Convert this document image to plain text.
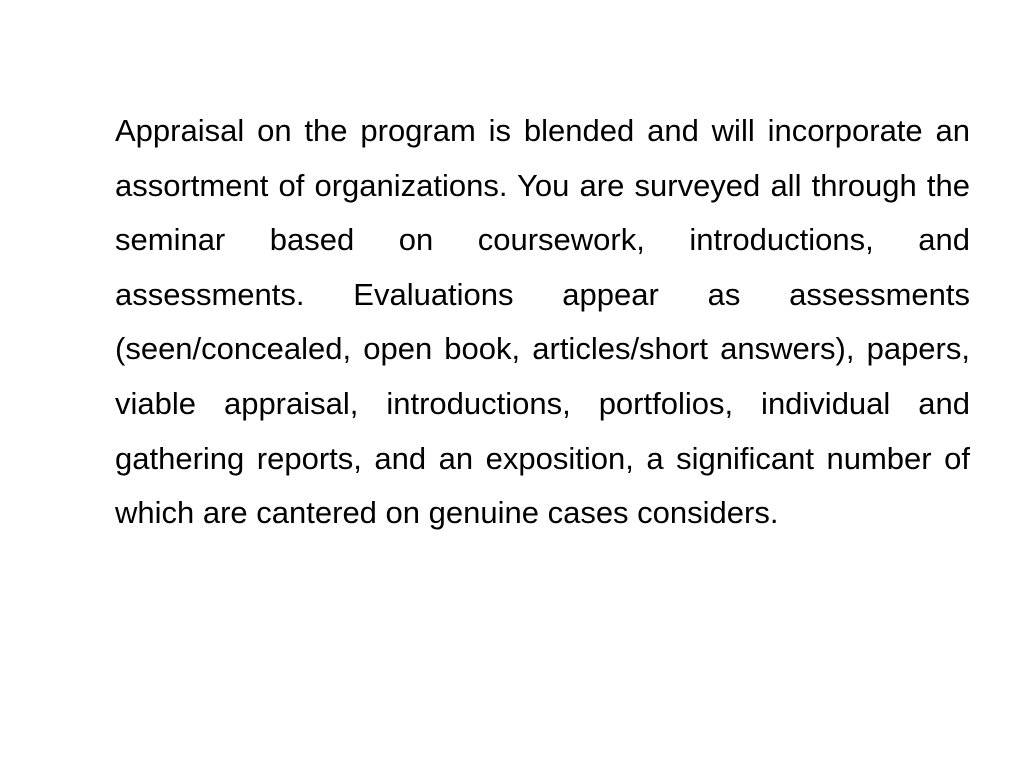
Appraisal on the program is blended and will incorporate an assortment of organizations. You are surveyed all through the seminar based on coursework, introductions, and assessments. Evaluations appear as assessments (seen/concealed, open book, articles/short answers), papers, viable appraisal, introductions, portfolios, individual and gathering reports, and an exposition, a significant number of which are cantered on genuine cases considers.
